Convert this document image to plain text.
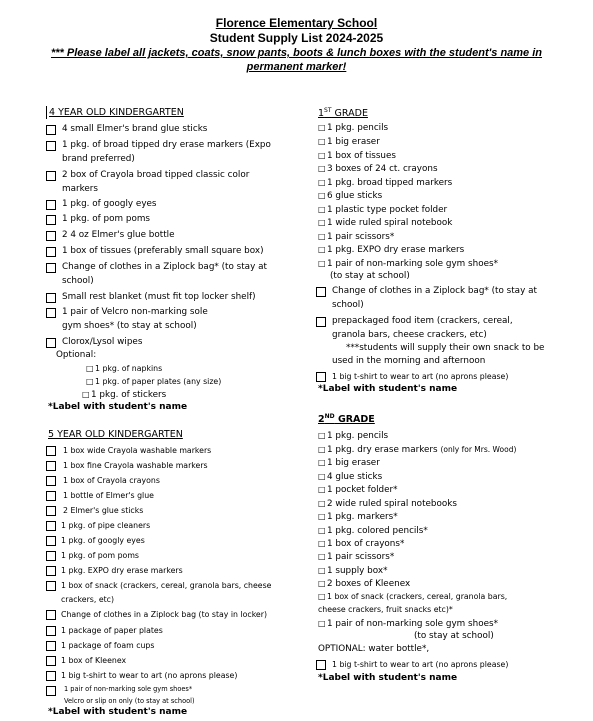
Florence Elementary School
Student Supply List 2024-2025
*** Please label all jackets, coats, snow pants, boots & lunch boxes with the student's name in permanent marker!
4 YEAR OLD KINDERGARTEN
4 small Elmer's brand glue sticks
1 pkg. of broad tipped dry erase markers (Expo
brand preferred)
2 box of Crayola broad tipped classic color
markers
1 pkg. of googly eyes
1 pkg. of pom poms
2 4 oz Elmer's glue bottle
1 box of tissues (preferably small square box)
Change of clothes in a Ziplock bag* (to stay at
school)
Small rest blanket (must fit top locker shelf)
1 pair of Velcro non-marking sole
gym shoes* (to stay at school)
Clorox/Lysol wipes
Optional:
□1 pkg. of napkins
□1 pkg. of paper plates (any size)
□1 pkg. of stickers
*Label with student's name
5 YEAR OLD KINDERGARTEN
1 box wide Crayola washable markers
1 box fine Crayola washable markers
1 box of Crayola crayons
1 bottle of Elmer's glue
2 Elmer's glue sticks
1 pkg. of pipe cleaners
1 pkg. of googly eyes
1 pkg. of pom poms
1 pkg. EXPO dry erase markers
1 box of snack (crackers, cereal, granola bars, cheese
crackers, etc)
Change of clothes in a Ziplock bag (to stay in locker)
1 package of paper plates
1 package of foam cups
1 box of Kleenex
1 big t-shirt to wear to art (no aprons please)
1 pair of non-marking sole gym shoes*
Velcro or slip on only (to stay at school)
*Label with student's name
1ST GRADE
□1 pkg. pencils
□1 big eraser
□1 box of tissues
□3 boxes of 24 ct. crayons
□1 pkg. broad tipped markers
□6 glue sticks
□1 plastic type pocket folder
□1 wide ruled spiral notebook
□1 pair scissors*
□1 pkg. EXPO dry erase markers
□1 pair of non-marking sole gym shoes*
(to stay at school)
Change of clothes in a Ziplock bag* (to stay at
school)
prepackaged food item (crackers, cereal,
granola bars, cheese crackers, etc)
***students will supply their own snack to be
used in the morning and afternoon
1 big t-shirt to wear to art (no aprons please)
*Label with student's name
2ND GRADE
□1 pkg. pencils
□1 pkg. dry erase markers (only for Mrs. Wood)
□1 big eraser
□4 glue sticks
□1 pocket folder*
□2 wide ruled spiral notebooks
□1 pkg. markers*
□1 pkg. colored pencils*
□1 box of crayons*
□1 pair scissors*
□1 supply box*
□2 boxes of Kleenex
□1 box of snack (crackers, cereal, granola bars,
cheese crackers, fruit snacks etc)*
□1 pair of non-marking sole gym shoes*
(to stay at school)
OPTIONAL: water bottle*,
1 big t-shirt to wear to art (no aprons please)
*Label with student's name
